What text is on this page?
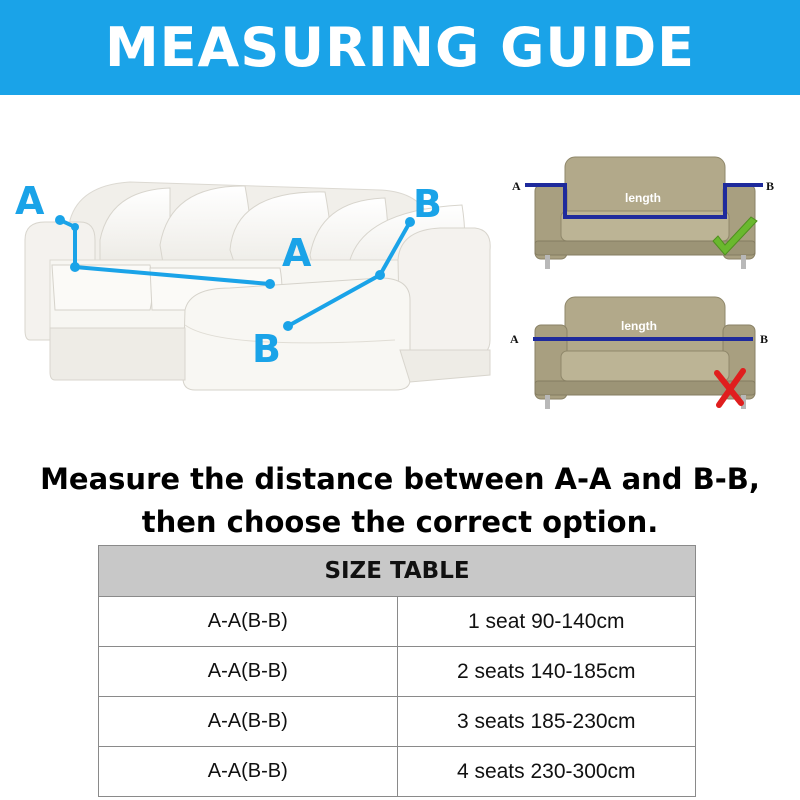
MEASURING GUIDE
A
A
B
B
length
A	B
length
A	B
Measure the distance between A-A and B-B,
then choose the correct option.
SIZE TABLE	
A-A(B-B)	1 seat 90-140cm
A-A(B-B)	2 seats 140-185cm
A-A(B-B)	3 seats 185-230cm
A-A(B-B)	4 seats 230-300cm
